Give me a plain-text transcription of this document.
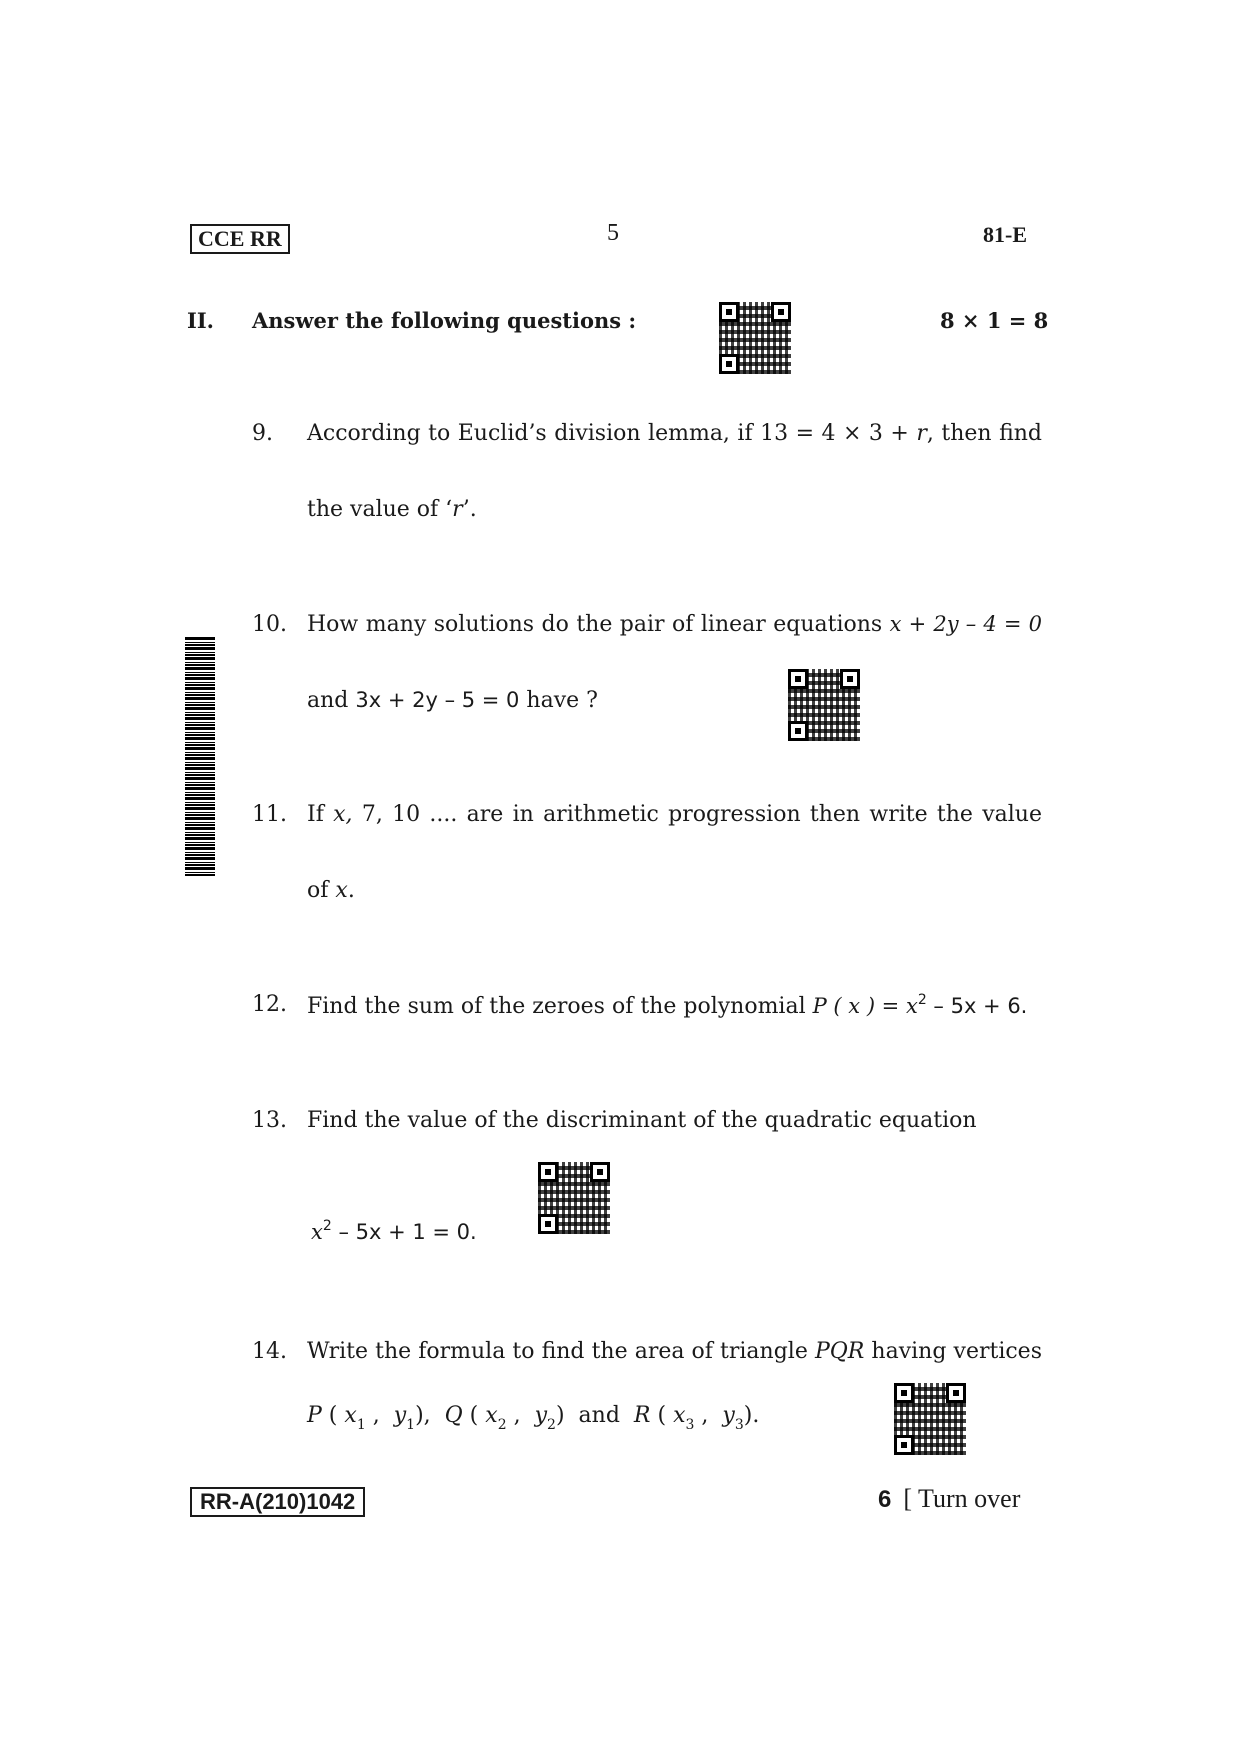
CCE RR	5	81-E
II. Answer the following questions :	8 × 1 = 8
9. According to Euclid’s division lemma, if 13 = 4 × 3 + r, then find
the value of ‘r’.
10. How many solutions do the pair of linear equations x + 2y – 4 = 0
and 3x + 2y – 5 = 0 have ?
11. If x, 7, 10 .... are in arithmetic progression then write the value
of x.
12. Find the sum of the zeroes of the polynomial P ( x ) = $x^2 - 5x + 6$.
13. Find the value of the discriminant of the quadratic equation
$x^2 - 5x + 1 = 0$.
14. Write the formula to find the area of triangle PQR having vertices
P ( $x_1$ ,  $y_1$),  Q ( $x_2$ ,  $y_2$)  and R ( $x_3$ ,  $y_3$).
RR-A(210)1042	6 [ Turn over
